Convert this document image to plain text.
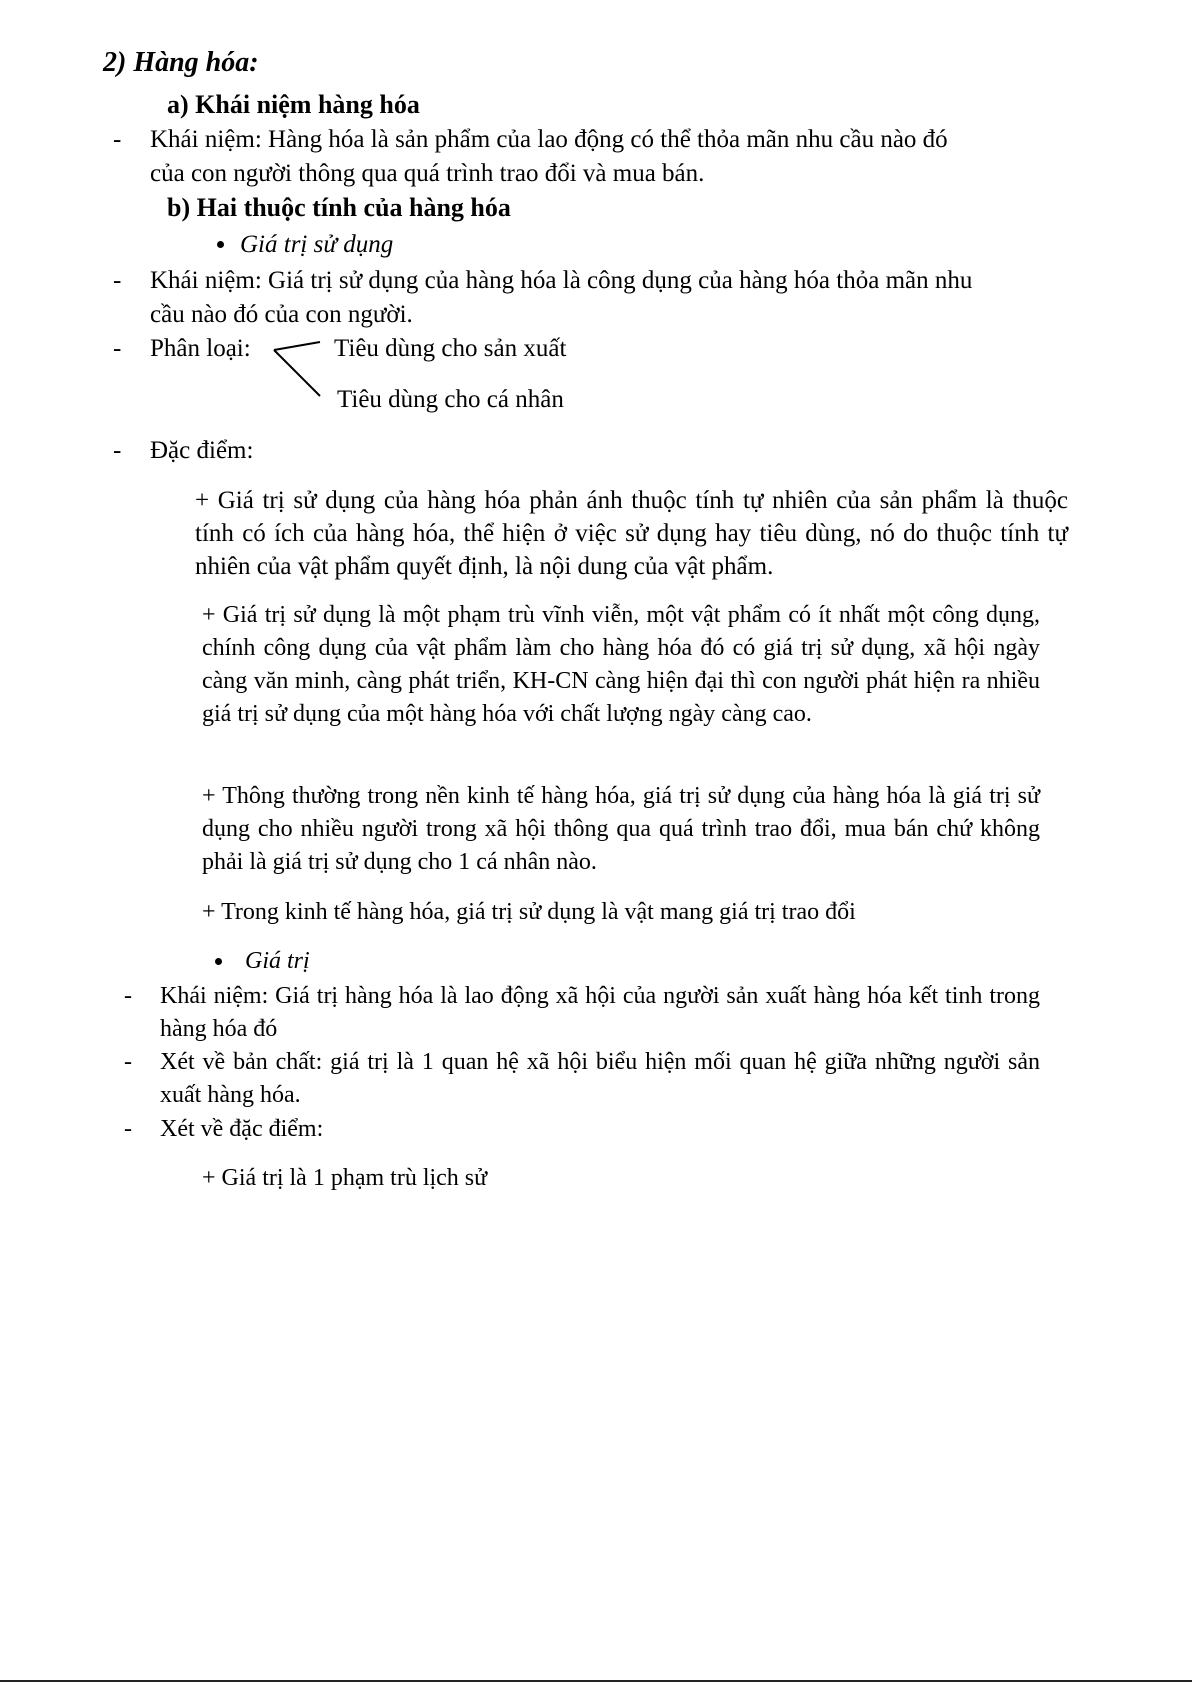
2) Hàng hóa:
a) Khái niệm hàng hóa
- Khái niệm: Hàng hóa là sản phẩm của lao động có thể thỏa mãn nhu cầu nào đó
của con người thông qua quá trình trao đổi và mua bán.
b) Hai thuộc tính của hàng hóa
Giá trị sử dụng
- Khái niệm: Giá trị sử dụng của hàng hóa là công dụng của hàng hóa thỏa mãn nhu
cầu nào đó của con người.
- Phân loại:	Tiêu dùng cho sản xuất
Tiêu dùng cho cá nhân
- Đặc điểm:
+ Giá trị sử dụng của hàng hóa phản ánh thuộc tính tự nhiên của sản phẩm là thuộc tính có ích của hàng hóa, thể hiện ở việc sử dụng hay tiêu dùng, nó do thuộc tính tự nhiên của vật phẩm quyết định, là nội dung của vật phẩm.
+ Giá trị sử dụng là một phạm trù vĩnh viễn, một vật phẩm có ít nhất một công dụng, chính công dụng của vật phẩm làm cho hàng hóa đó có giá trị sử dụng, xã hội ngày càng văn minh, càng phát triển, KH-CN càng hiện đại thì con người phát hiện ra nhiều giá trị sử dụng của một hàng hóa với chất lượng ngày càng cao.
+ Thông thường trong nền kinh tế hàng hóa, giá trị sử dụng của hàng hóa là giá trị sử dụng cho nhiều người trong xã hội thông qua quá trình trao đổi, mua bán chứ không phải là giá trị sử dụng cho 1 cá nhân nào.
+ Trong kinh tế hàng hóa, giá trị sử dụng là vật mang giá trị trao đổi
Giá trị
- Khái niệm: Giá trị hàng hóa là lao động xã hội của người sản xuất hàng hóa kết tinh trong hàng hóa đó
- Xét về bản chất: giá trị là 1 quan hệ xã hội biểu hiện mối quan hệ giữa những người sản xuất hàng hóa.
- Xét về đặc điểm:
+ Giá trị là 1 phạm trù lịch sử
